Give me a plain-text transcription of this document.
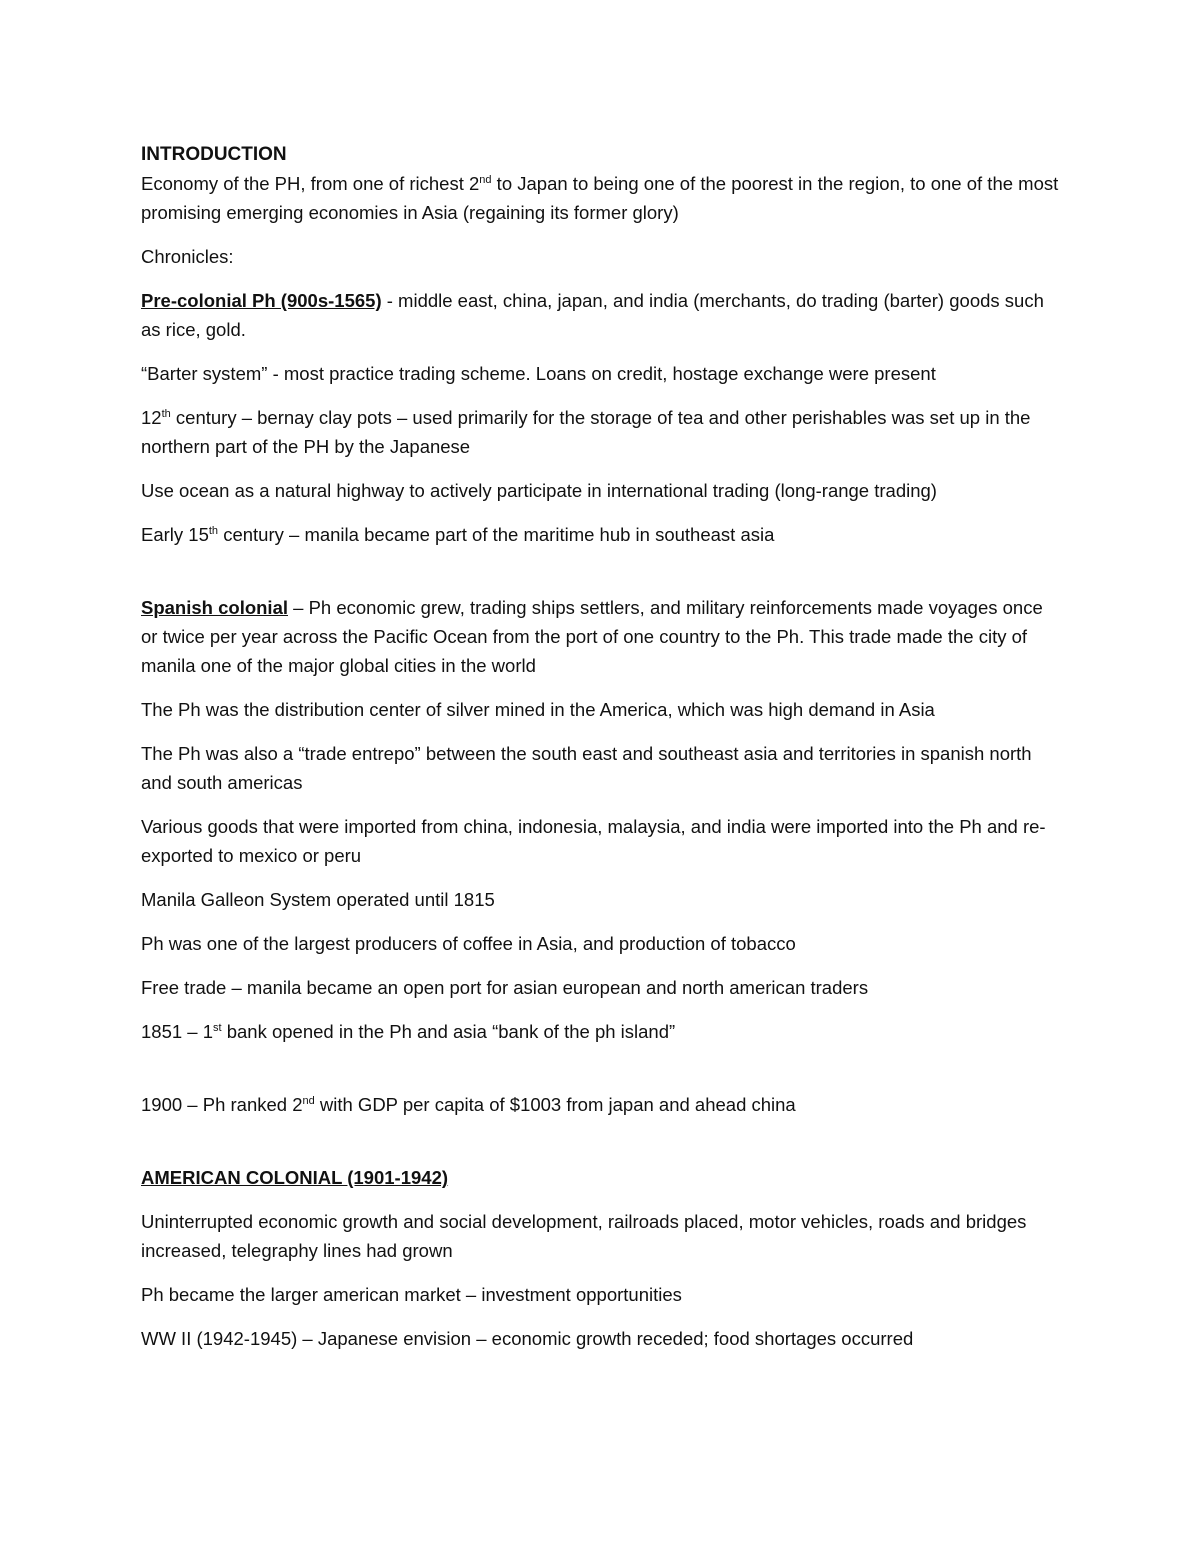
INTRODUCTION

Economy of the PH, from one of richest 2nd to Japan to being one of the poorest in the region, to one of the most promising emerging economies in Asia (regaining its former glory)

Chronicles:

Pre-colonial Ph (900s-1565) - middle east, china, japan, and india (merchants, do trading (barter) goods such as rice, gold.

“Barter system” - most practice trading scheme. Loans on credit, hostage exchange were present

12th century – bernay clay pots – used primarily for the storage of tea and other perishables was set up in the northern part of the PH by the Japanese

Use ocean as a natural highway to actively participate in international trading (long-range trading)

Early 15th century – manila became part of the maritime hub in southeast asia

Spanish colonial – Ph economic grew, trading ships settlers, and military reinforcements made voyages once or twice per year across the Pacific Ocean from the port of one country to the Ph. This trade made the city of manila one of the major global cities in the world

The Ph was the distribution center of silver mined in the America, which was high demand in Asia

The Ph was also a “trade entrepo” between the south east and southeast asia and territories in spanish north and south americas

Various goods that were imported from china, indonesia, malaysia, and india were imported into the Ph and re-exported to mexico or peru

Manila Galleon System operated until 1815

Ph was one of the largest producers of coffee in Asia, and production of tobacco

Free trade – manila became an open port for asian european and north american traders

1851 – 1st bank opened in the Ph and asia “bank of the ph island”

1900 – Ph ranked 2nd with GDP per capita of $1003 from japan and ahead china

AMERICAN COLONIAL (1901-1942)

Uninterrupted economic growth and social development, railroads placed, motor vehicles, roads and bridges increased, telegraphy lines had grown

Ph became the larger american market – investment opportunities

WW II (1942-1945) – Japanese envision – economic growth receded; food shortages occurred
